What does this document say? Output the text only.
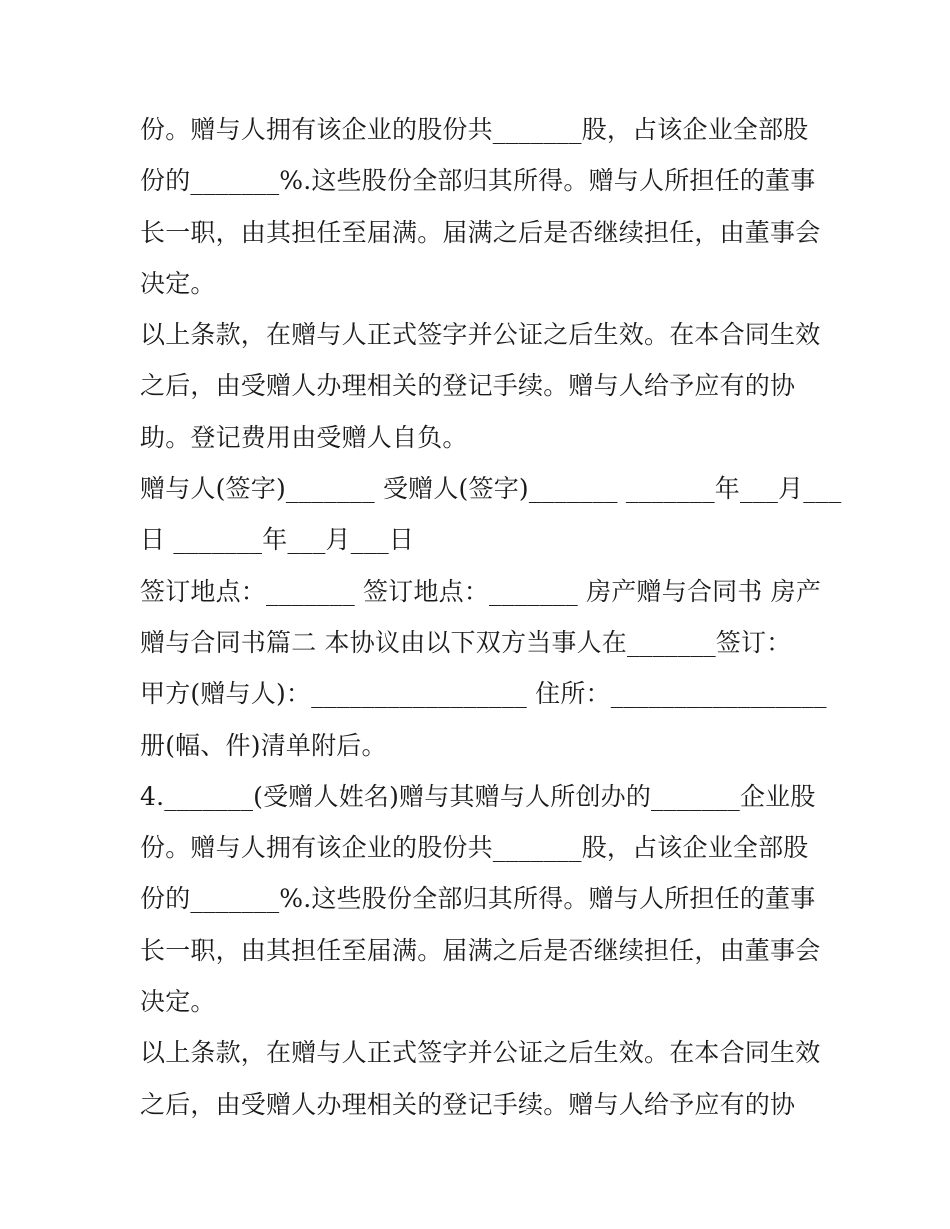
份。赠与人拥有该企业的股份共_______股，占该企业全部股
份的_______%.这些股份全部归其所得。赠与人所担任的董事
长一职，由其担任至届满。届满之后是否继续担任，由董事会
决定。
以上条款，在赠与人正式签字并公证之后生效。在本合同生效
之后，由受赠人办理相关的登记手续。赠与人给予应有的协
助。登记费用由受赠人自负。
赠与人(签字)_______ 受赠人(签字)_______ _______年___月___
日 _______年___月___日
签订地点：_______ 签订地点：_______ 房产赠与合同书 房产
赠与合同书篇二 本协议由以下双方当事人在_______签订：
甲方(赠与人)：_________________ 住所：_________________
册(幅、件)清单附后。
4._______(受赠人姓名)赠与其赠与人所创办的_______企业股
份。赠与人拥有该企业的股份共_______股，占该企业全部股
份的_______%.这些股份全部归其所得。赠与人所担任的董事
长一职，由其担任至届满。届满之后是否继续担任，由董事会
决定。
以上条款，在赠与人正式签字并公证之后生效。在本合同生效
之后，由受赠人办理相关的登记手续。赠与人给予应有的协
